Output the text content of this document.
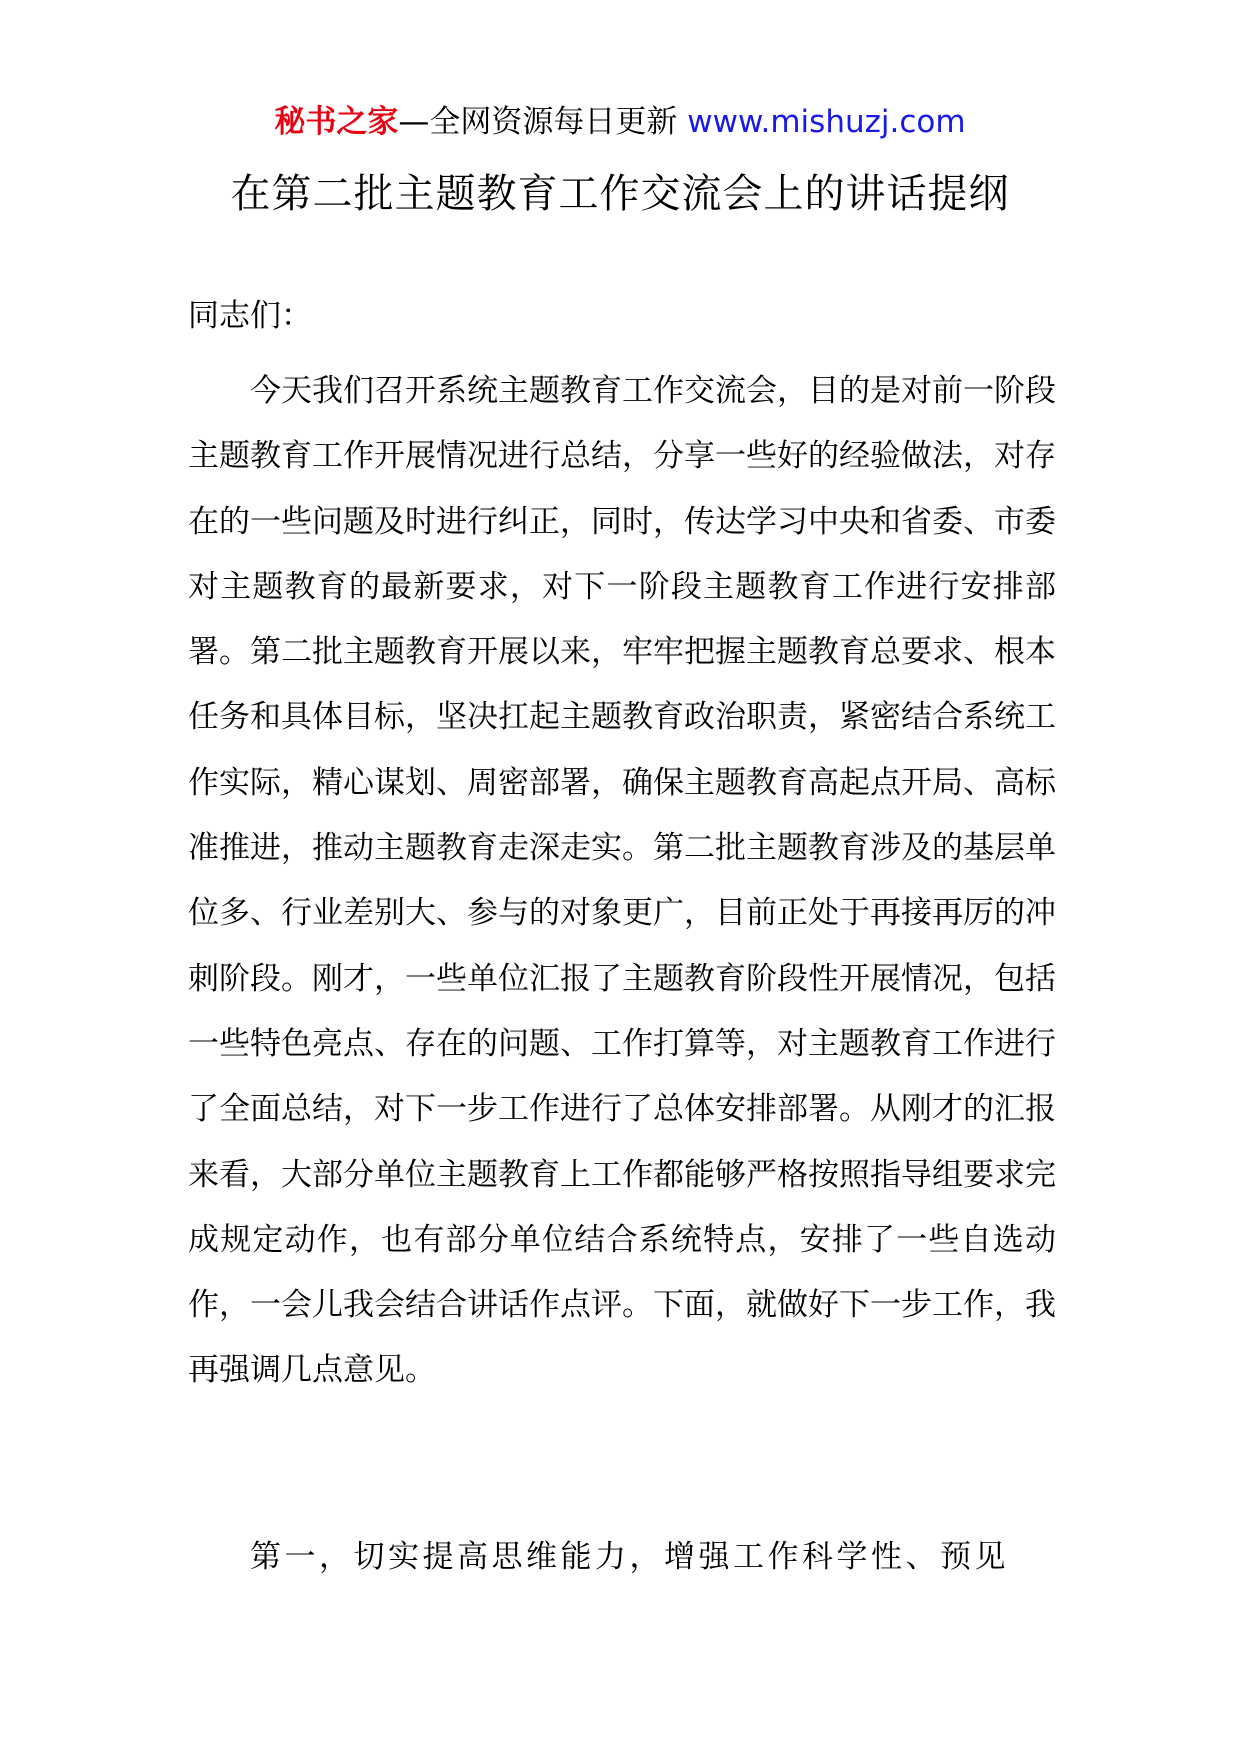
秘书之家—全网资源每日更新 www.mishuzj.com
在第二批主题教育工作交流会上的讲话提纲
同志们：

今天我们召开系统主题教育工作交流会，目的是对前一阶段主题教育工作开展情况进行总结，分享一些好的经验做法，对存在的一些问题及时进行纠正，同时，传达学习中央和省委、市委对主题教育的最新要求，对下一阶段主题教育工作进行安排部署。第二批主题教育开展以来，牢牢把握主题教育总要求、根本任务和具体目标，坚决扛起主题教育政治职责，紧密结合系统工作实际，精心谋划、周密部署，确保主题教育高起点开局、高标准推进，推动主题教育走深走实。第二批主题教育涉及的基层单位多、行业差别大、参与的对象更广，目前正处于再接再厉的冲刺阶段。刚才，一些单位汇报了主题教育阶段性开展情况，包括一些特色亮点、存在的问题、工作打算等，对主题教育工作进行了全面总结，对下一步工作进行了总体安排部署。从刚才的汇报来看，大部分单位主题教育上工作都能够严格按照指导组要求完成规定动作，也有部分单位结合系统特点，安排了一些自选动作，一会儿我会结合讲话作点评。下面，就做好下一步工作，我再强调几点意见。

第一，切实提高思维能力，增强工作科学性、预见
